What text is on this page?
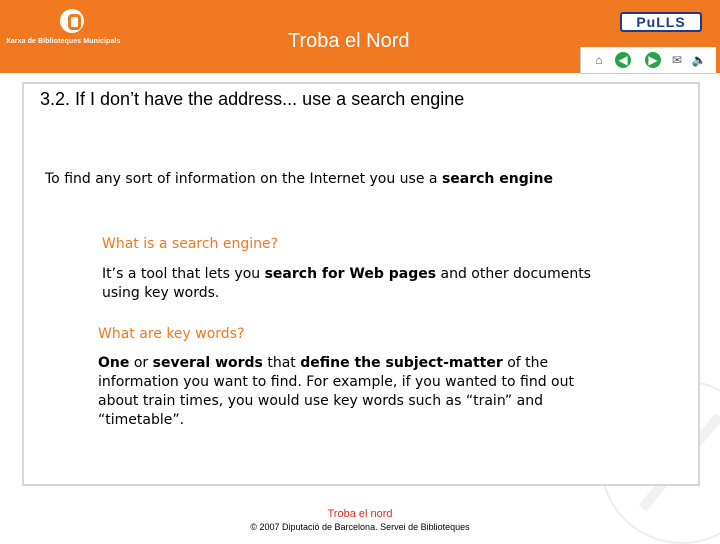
Xarxa de Biblioteques Municipals	Troba el Nord
PuLLS
⌂	◀ ▶ ✉ 🔈
3.2. If I don’t have the address... use a search engine
To find any sort of information on the Internet you use a search engine
What is a search engine?
It’s a tool that lets you search for Web pages and other documents using key words.
What are key words?
One or several words that define the subject-matter of the information you want to find. For example, if you wanted to find out about train times, you would use key words such as “train” and “timetable”.
Troba el nord
© 2007 Diputació de Barcelona. Servei de Biblioteques
